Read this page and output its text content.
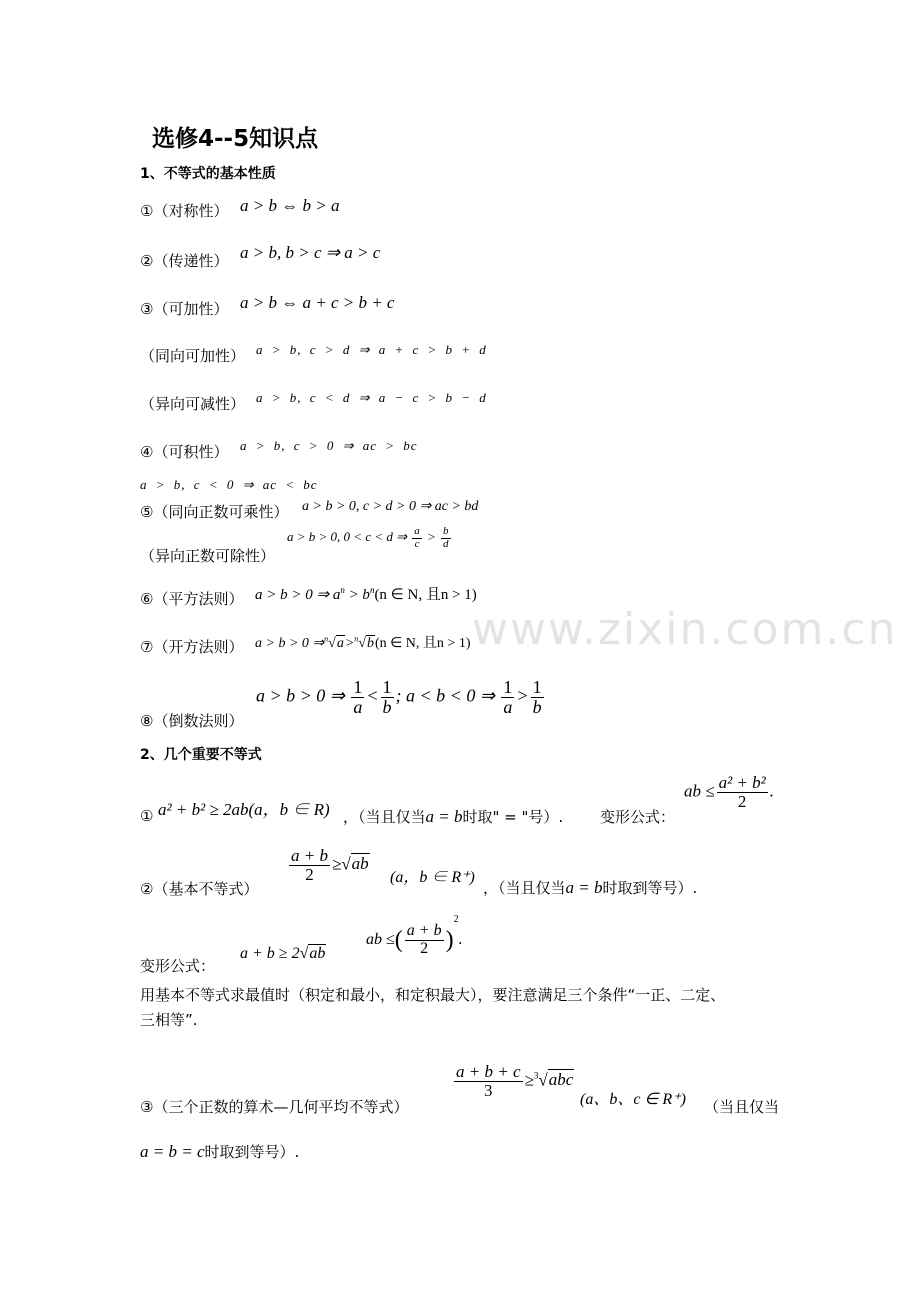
www.zixin.com.cn
选修4--5知识点
1、不等式的基本性质
①（对称性） a > b ⇔ b > a
②（传递性） a > b, b > c ⇒ a > c
③（可加性） a > b ⇔ a + c > b + c
（同向可加性） a > b, c > d ⇒ a + c > b + d
（异向可减性） a > b, c < d ⇒ a − c > b − d
④（可积性） a > b, c > 0 ⇒ ac > bc
a > b, c < 0 ⇒ ac < bc
⑤（同向正数可乘性） a > b > 0, c > d > 0 ⇒ ac > bd
（异向正数可除性）
a > b > 0, 0 < c < d ⇒ $\frac{a}{c} > \frac{b}{d}$
⑥（平方法则） a > b > 0 ⇒ $a^n > b^n(n$ ∈ N, 且n > 1)
⑦（开方法则） a > b > 0 ⇒$^n$√a>$^n$√b(n ∈ N, 且n > 1)
⑧（倒数法则）
a > b > 0 ⇒ $\frac{1}{a} < \frac{1}{b}$ ; a < b < 0 ⇒ $\frac{1}{a} > \frac{1}{b}$
2、几个重要不等式
① a² + b² ≥ 2ab(a，b ∈ R) ，（当且仅当a = b时取" = "号）. 变形公式：
ab ≤ $\frac{\text{a² + b²}}{2}$ .
②（基本不等式）
$\frac{a + b}{2} \ge√ab$
(a，b ∈ R⁺)
，（当且仅当a = b时取到等号）.
变形公式：
a + b ≥ 2√ab
ab ≤( $\frac{a + b}{2} )^2$.
用基本不等式求最值时（积定和最小，和定积最大），要注意满足三个条件“一正、二定、
三相等”.
③（三个正数的算术—几何平均不等式）
$\frac{a + b + c}{3} \ge^3√abc$
(a、b、c ∈ R⁺) （当且仅当
a = b = c时取到等号）.
